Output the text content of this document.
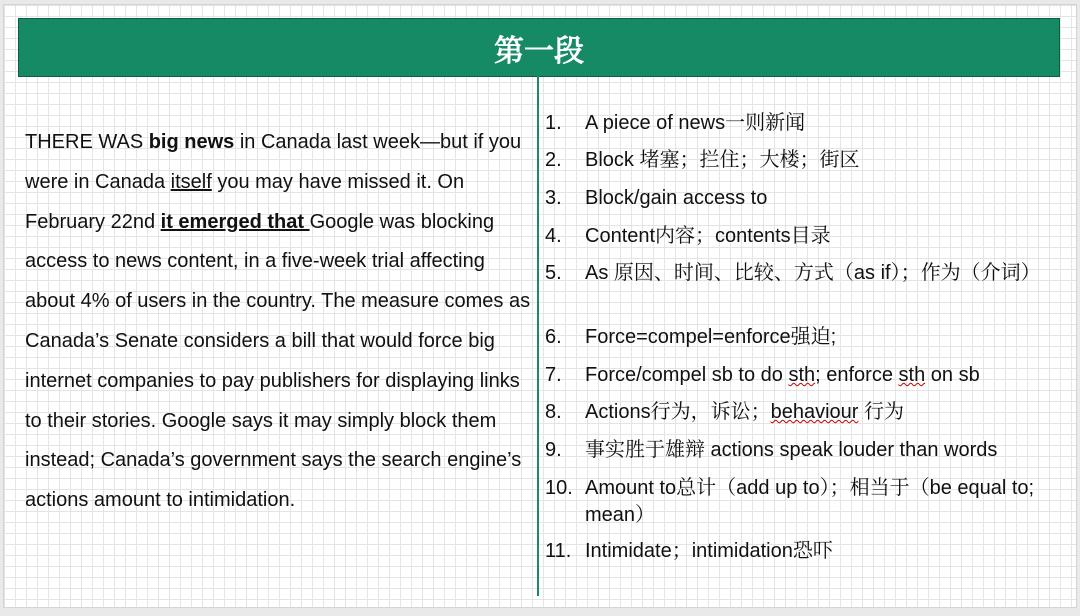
第一段

THERE WAS big news in Canada last week—but if you were in Canada itself you may have missed it. On February 22nd it emerged that Google was blocking access to news content, in a five-week trial affecting about 4% of users in the country. The measure comes as Canada’s Senate considers a bill that would force big internet companies to pay publishers for displaying links to their stories. Google says it may simply block them instead; Canada’s government says the search engine’s actions amount to intimidation.

1.	A piece of news一则新闻
2.	Block 堵塞；拦住；大楼；街区
3.	Block/gain access to
4.	Content内容；contents目录
5.	As 原因、时间、比较、方式（as if）；作为（介词）
6.	Force=compel=enforce强迫;
7.	Force/compel sb to do sth; enforce sth on sb
8.	Actions行为，诉讼；behaviour 行为
9.	事实胜于雄辩 actions speak louder than words
10. Amount to总计（add up to）；相当于（be equal to; mean）
11. Intimidate；intimidation恐吓
